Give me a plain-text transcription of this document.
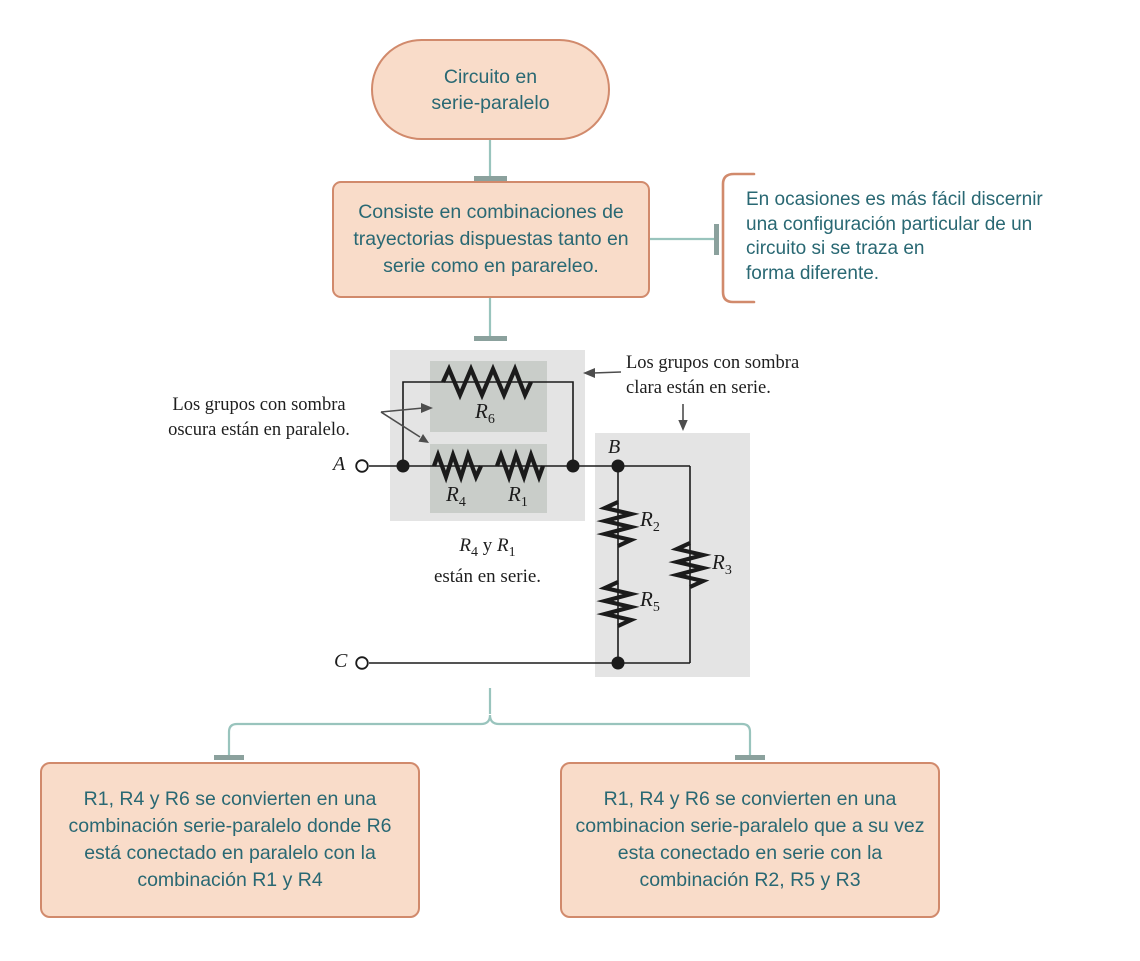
Circuito en
serie-paralelo
Consiste en combinaciones de
trayectorias dispuestas tanto en
serie como en parareleo.
En ocasiones es más fácil discernir
una configuración particular de un
circuito si se traza en
forma diferente.
Los grupos con sombra
oscura están en paralelo.
Los grupos con sombra
clara están en serie.
$R_4$ y $R_1$
están en serie.
$R_6$
$R_4$ $R_1$
$R_2$
$R_5$
$R_3$
A
B
C
R1, R4 y R6 se convierten en una
combinación serie-paralelo donde R6
está conectado en paralelo con la
combinación R1 y R4
R1, R4 y R6 se convierten en una
combinacion serie-paralelo que a su vez
esta conectado en serie con la
combinación R2, R5 y R3
